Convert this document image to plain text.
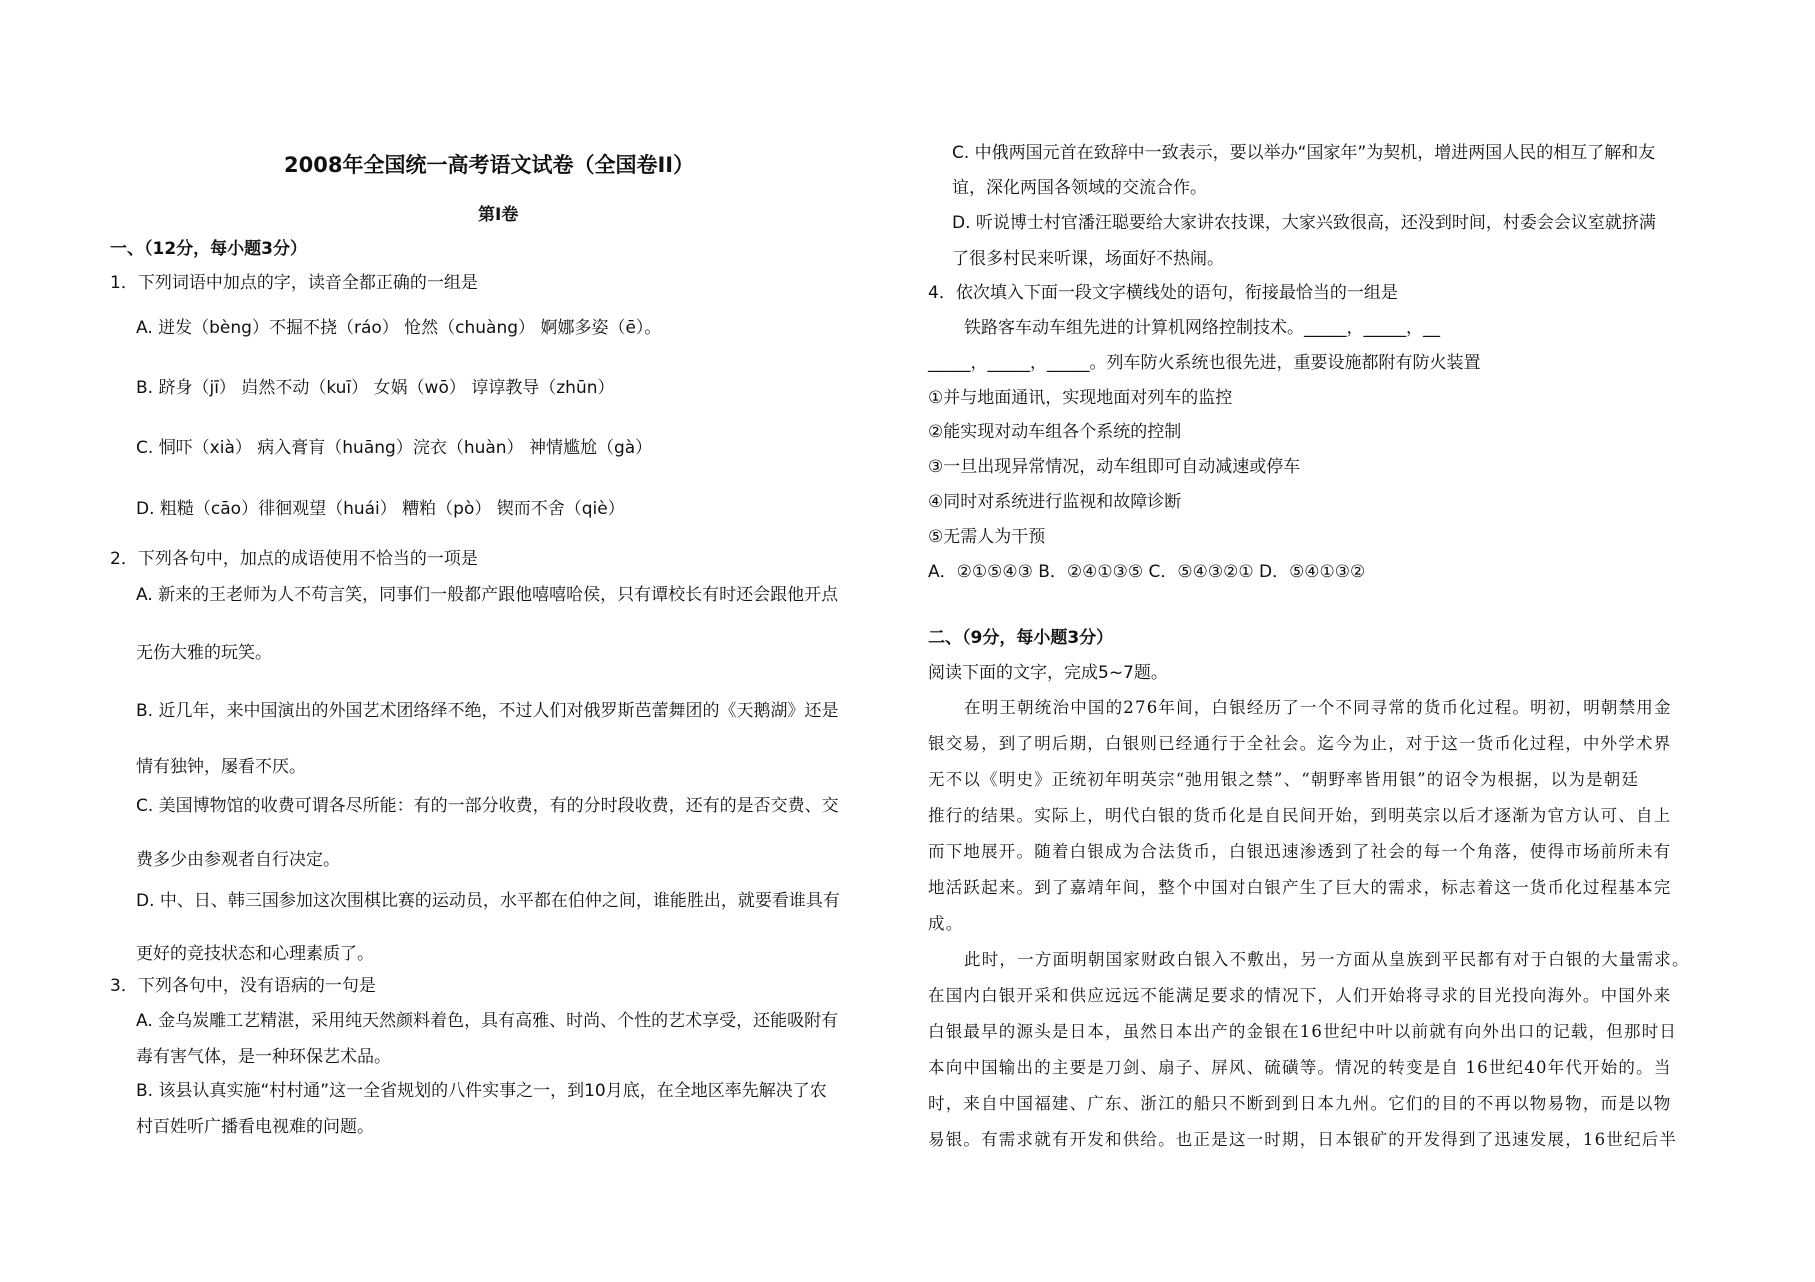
2008年全国统一高考语文试卷（全国卷II）
第I卷
一、（12分，每小题3分）
1．下列词语中加点的字，读音全都正确的一组是
A. 迸发（bèng）不掘不挠（ráo） 怆然（chuàng） 婀娜多姿（ē）。
B. 跻身（jī） 岿然不动（kuī） 女娲（wō） 谆谆教导（zhūn）
C. 恫吓（xià） 病入膏肓（huāng）浣衣（huàn） 神情尴尬（gà）
D. 粗糙（cāo）徘徊观望（huái） 糟粕（pò） 锲而不舍（qiè）
2．下列各句中，加点的成语使用不恰当的一项是
A. 新来的王老师为人不苟言笑，同事们一般都产跟他嘻嘻哈侯，只有谭校长有时还会跟他开点
无伤大雅的玩笑。
B. 近几年，来中国演出的外国艺术团络绎不绝，不过人们对俄罗斯芭蕾舞团的《天鹅湖》还是
情有独钟，屡看不厌。
C. 美国博物馆的收费可谓各尽所能：有的一部分收费，有的分时段收费，还有的是否交费、交
费多少由参观者自行决定。
D. 中、日、韩三国参加这次围棋比赛的运动员，水平都在伯仲之间，谁能胜出，就要看谁具有
更好的竞技状态和心理素质了。
3．下列各句中，没有语病的一句是
A. 金乌炭雕工艺精湛，采用纯天然颜料着色，具有高雅、时尚、个性的艺术享受，还能吸附有
毒有害气体，是一种环保艺术品。
B. 该县认真实施“村村通”这一全省规划的八件实事之一，到10月底，在全地区率先解决了农
村百姓听广播看电视难的问题。
C. 中俄两国元首在致辞中一致表示，要以举办“国家年”为契机，增进两国人民的相互了解和友
谊，深化两国各领域的交流合作。
D. 听说博士村官潘汪聪要给大家讲农技课，大家兴致很高，还没到时间，村委会会议室就挤满
了很多村民来听课，场面好不热闹。
4．依次填入下面一段文字横线处的语句，衔接最恰当的一组是
铁路客车动车组先进的计算机网络控制技术。_____，_____，__
_____，_____，_____。列车防火系统也很先进，重要设施都附有防火装置
①并与地面通讯，实现地面对列车的监控
②能实现对动车组各个系统的控制
③一旦出现异常情况，动车组即可自动减速或停车
④同时对系统进行监视和故障诊断
⑤无需人为干预
A．②①⑤④③ B．②④①③⑤ C．⑤④③②① D．⑤④①③②
二、（9分，每小题3分）
阅读下面的文字，完成5~7题。
在明王朝统治中国的276年间，白银经历了一个不同寻常的货币化过程。明初，明朝禁用金
银交易，到了明后期，白银则已经通行于全社会。迄今为止，对于这一货币化过程，中外学术界
无不以《明史》正统初年明英宗“弛用银之禁”、“朝野率皆用银”的诏令为根据，以为是朝廷
推行的结果。实际上，明代白银的货币化是自民间开始，到明英宗以后才逐渐为官方认可、自上
而下地展开。随着白银成为合法货币，白银迅速渗透到了社会的每一个角落，使得市场前所未有
地活跃起来。到了嘉靖年间，整个中国对白银产生了巨大的需求，标志着这一货币化过程基本完
成。
此时，一方面明朝国家财政白银入不敷出，另一方面从皇族到平民都有对于白银的大量需求。
在国内白银开采和供应远远不能满足要求的情况下，人们开始将寻求的目光投向海外。中国外来
白银最早的源头是日本，虽然日本出产的金银在16世纪中叶以前就有向外出口的记载，但那时日
本向中国输出的主要是刀剑、扇子、屏风、硫磺等。情况的转变是自 16世纪40年代开始的。当
时，来自中国福建、广东、浙江的船只不断到到日本九州。它们的目的不再以物易物，而是以物
易银。有需求就有开发和供给。也正是这一时期，日本银矿的开发得到了迅速发展，16世纪后半
